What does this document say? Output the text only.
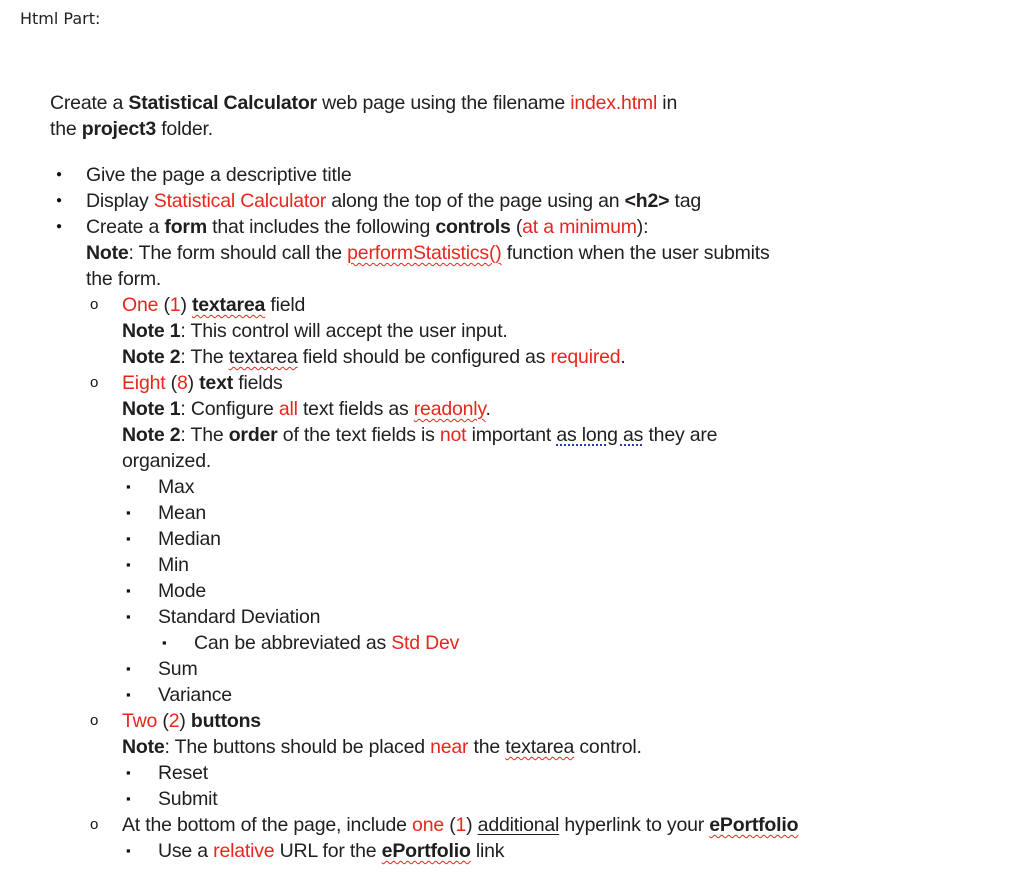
Html Part:

Create a Statistical Calculator web page using the filename index.html in
the project3 folder.

● Give the page a descriptive title
● Display Statistical Calculator along the top of the page using an <h2> tag
● Create a form that includes the following controls (at a minimum):
Note: The form should call the performStatistics() function when the user submits
the form.
o One (1) textarea field
Note 1: This control will accept the user input.
Note 2: The textarea field should be configured as required.
o Eight (8) text fields
Note 1: Configure all text fields as readonly.
Note 2: The order of the text fields is not important as long as they are
organized.
▪ Max
▪ Mean
▪ Median
▪ Min
▪ Mode
▪ Standard Deviation
▪ Can be abbreviated as Std Dev
▪ Sum
▪ Variance
o Two (2) buttons
Note: The buttons should be placed near the textarea control.
▪ Reset
▪ Submit
o At the bottom of the page, include one (1) additional hyperlink to your ePortfolio
▪ Use a relative URL for the ePortfolio link
